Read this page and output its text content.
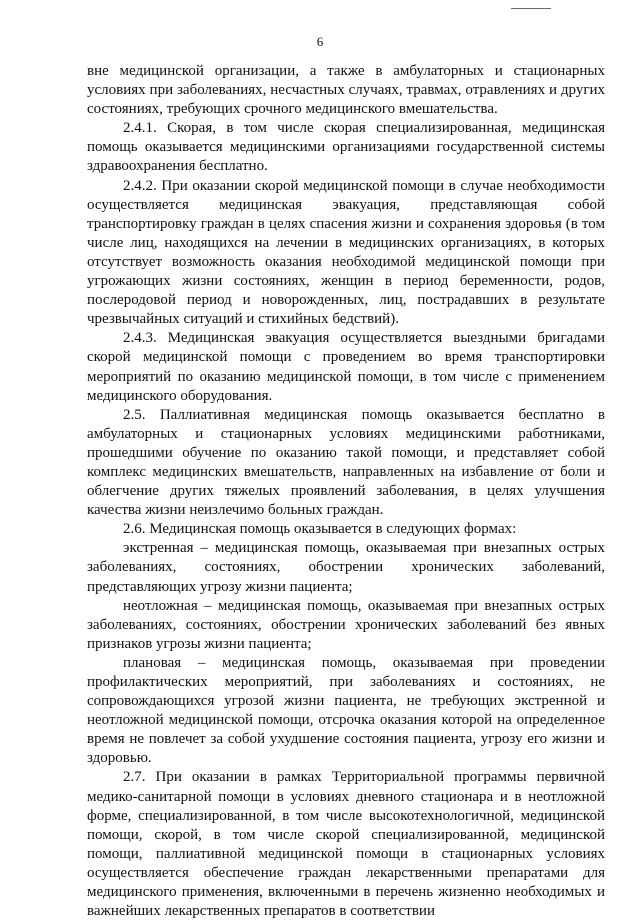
6

вне медицинской организации, а также в амбулаторных и стационарных условиях при заболеваниях, несчастных случаях, травмах, отравлениях и других состояниях, требующих срочного медицинского вмешательства.

2.4.1. Скорая, в том числе скорая специализированная, медицинская помощь оказывается медицинскими организациями государственной системы здравоохранения бесплатно.

2.4.2. При оказании скорой медицинской помощи в случае необходимости осуществляется медицинская эвакуация, представляющая собой транспортировку граждан в целях спасения жизни и сохранения здоровья (в том числе лиц, находящихся на лечении в медицинских организациях, в которых отсутствует возможность оказания необходимой медицинской помощи при угрожающих жизни состояниях, женщин в период беременности, родов, послеродовой период и новорожденных, лиц, пострадавших в результате чрезвычайных ситуаций и стихийных бедствий).

2.4.3. Медицинская эвакуация осуществляется выездными бригадами скорой медицинской помощи с проведением во время транспортировки мероприятий по оказанию медицинской помощи, в том числе с применением медицинского оборудования.

2.5. Паллиативная медицинская помощь оказывается бесплатно в амбулаторных и стационарных условиях медицинскими работниками, прошедшими обучение по оказанию такой помощи, и представляет собой комплекс медицинских вмешательств, направленных на избавление от боли и облегчение других тяжелых проявлений заболевания, в целях улучшения качества жизни неизлечимо больных граждан.

2.6. Медицинская помощь оказывается в следующих формах:

экстренная – медицинская помощь, оказываемая при внезапных острых заболеваниях, состояниях, обострении хронических заболеваний, представляющих угрозу жизни пациента;

неотложная – медицинская помощь, оказываемая при внезапных острых заболеваниях, состояниях, обострении хронических заболеваний без явных признаков угрозы жизни пациента;

плановая – медицинская помощь, оказываемая при проведении профилактических мероприятий, при заболеваниях и состояниях, не сопровождающихся угрозой жизни пациента, не требующих экстренной и неотложной медицинской помощи, отсрочка оказания которой на определенное время не повлечет за собой ухудшение состояния пациента, угрозу его жизни и здоровью.

2.7. При оказании в рамках Территориальной программы первичной медико-санитарной помощи в условиях дневного стационара и в неотложной форме, специализированной, в том числе высокотехнологичной, медицинской помощи, скорой, в том числе скорой специализированной, медицинской помощи, паллиативной медицинской помощи в стационарных условиях осуществляется обеспечение граждан лекарственными препаратами для медицинского применения, включенными в перечень жизненно необходимых и важнейших лекарственных препаратов в соответствии
